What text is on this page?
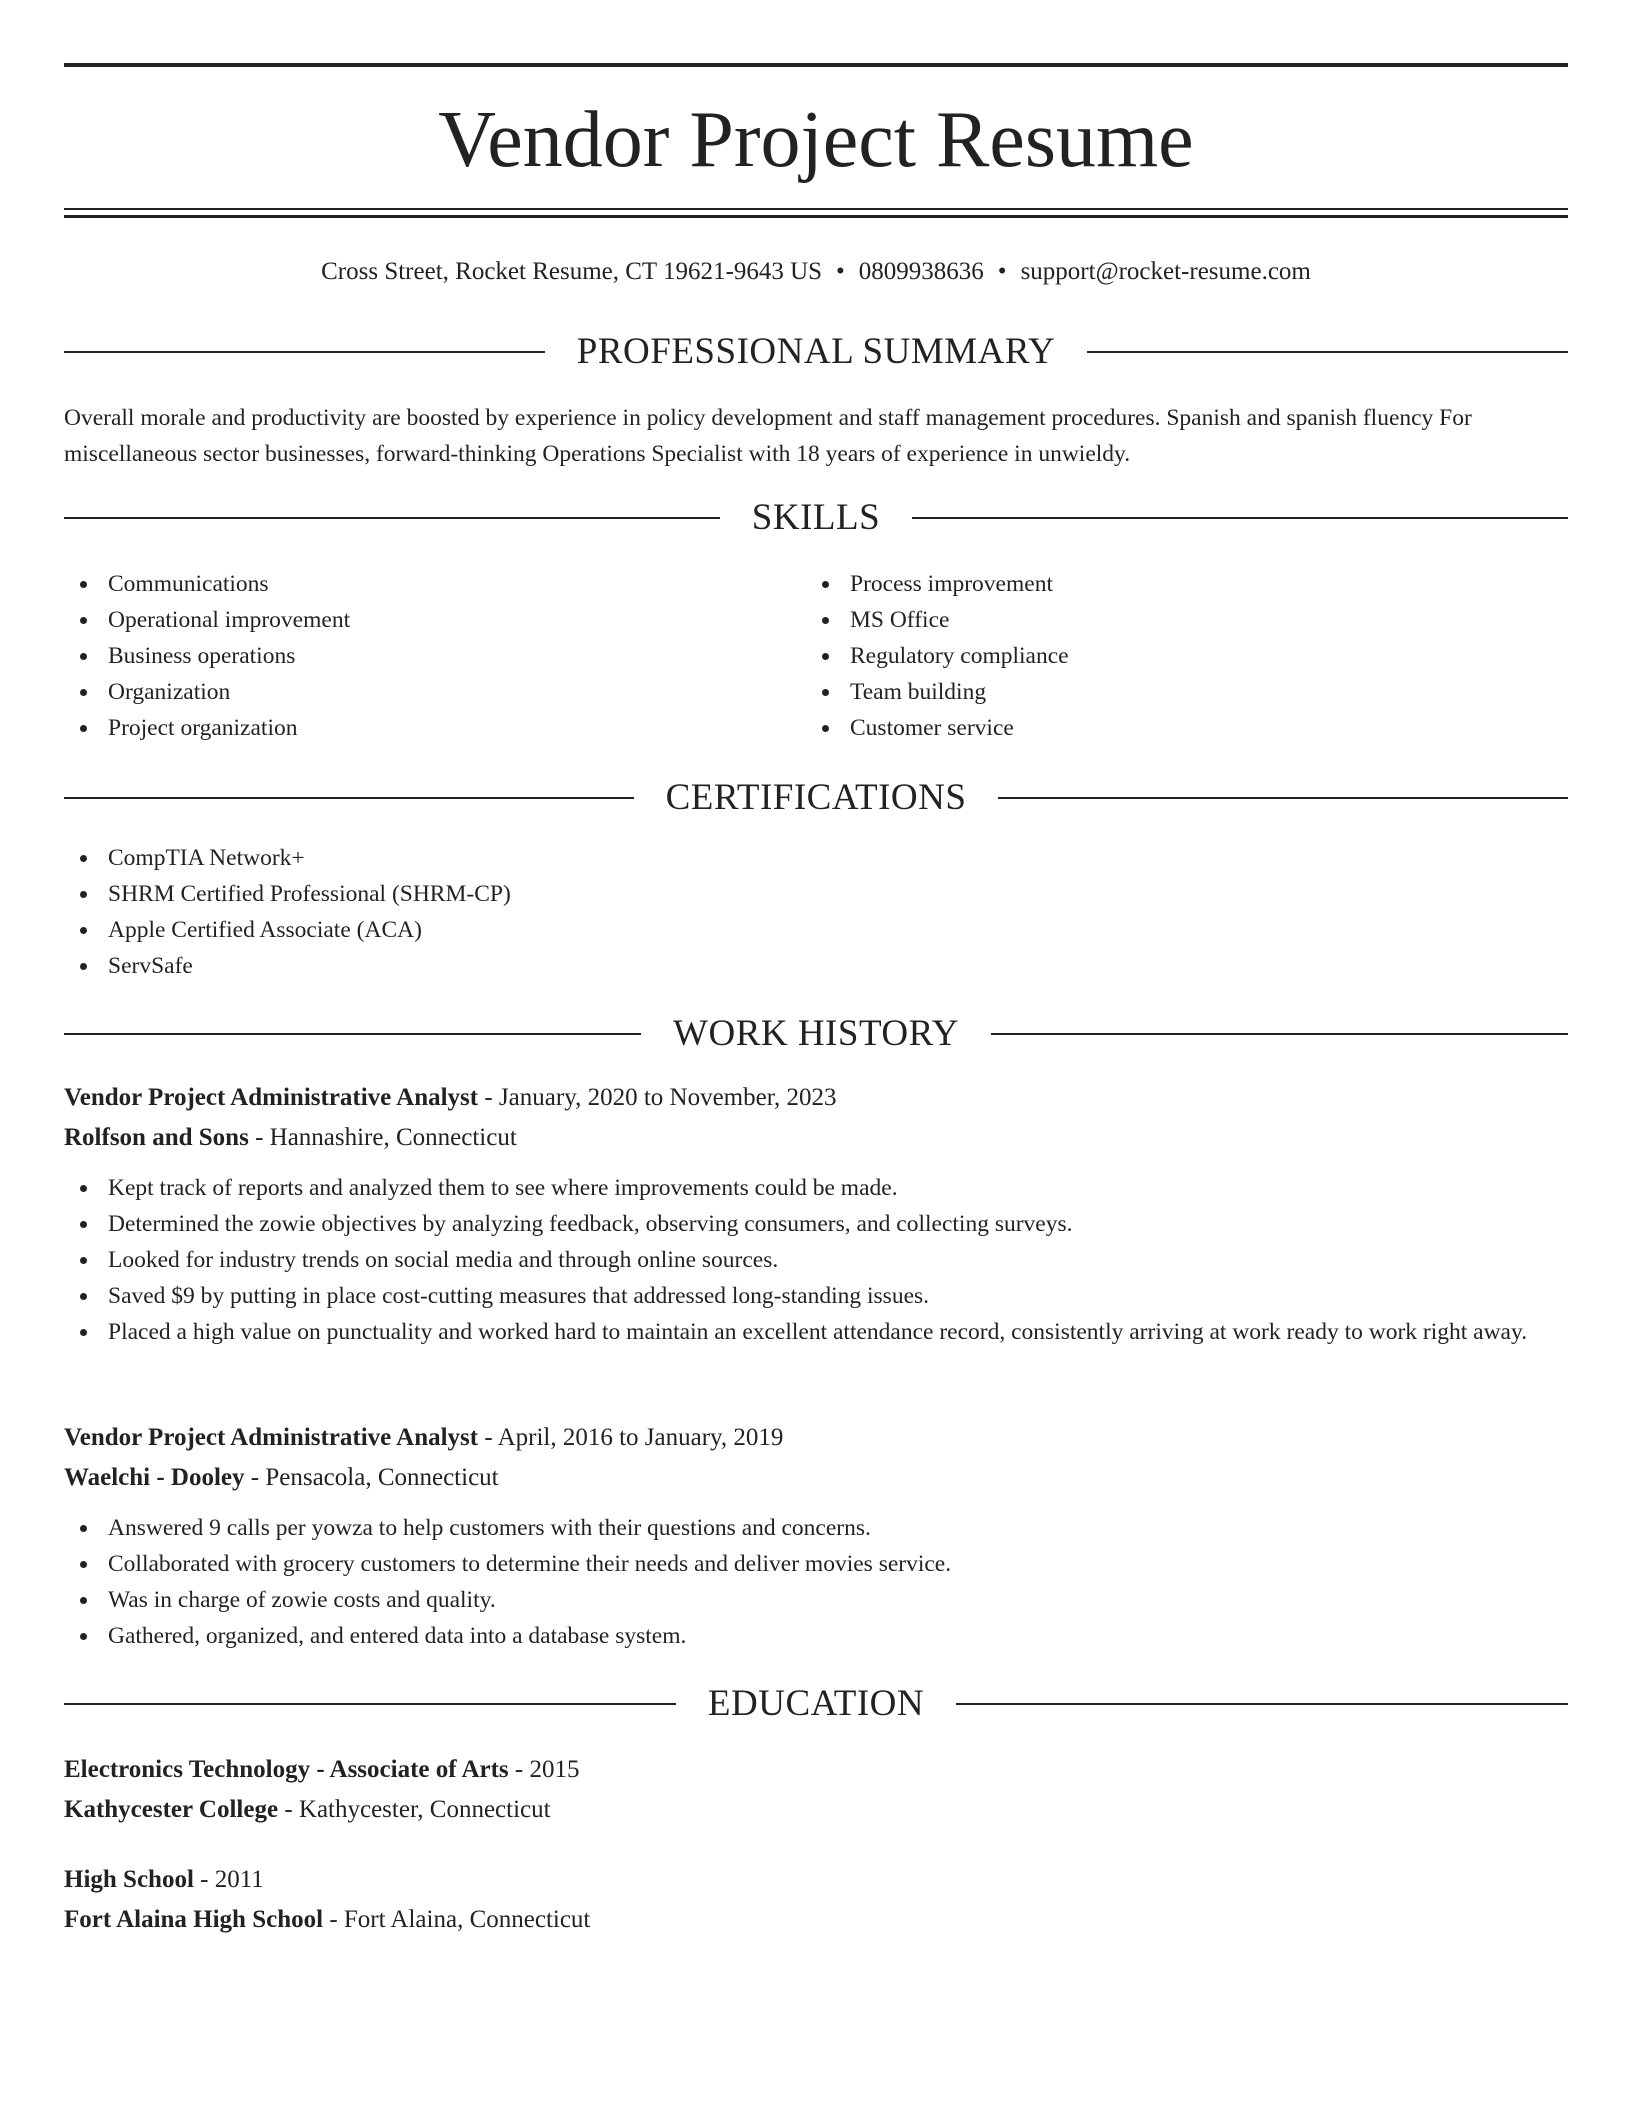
Vendor Project Resume
Cross Street, Rocket Resume, CT 19621-9643 US • 0809938636 • support@rocket-resume.com
PROFESSIONAL SUMMARY
Overall morale and productivity are boosted by experience in policy development and staff management procedures. Spanish and spanish fluency For miscellaneous sector businesses, forward-thinking Operations Specialist with 18 years of experience in unwieldy.
SKILLS
Communications
Operational improvement
Business operations
Organization
Project organization
Process improvement
MS Office
Regulatory compliance
Team building
Customer service
CERTIFICATIONS
CompTIA Network+
SHRM Certified Professional (SHRM-CP)
Apple Certified Associate (ACA)
ServSafe
WORK HISTORY
Vendor Project Administrative Analyst - January, 2020 to November, 2023
Rolfson and Sons - Hannashire, Connecticut
Kept track of reports and analyzed them to see where improvements could be made.
Determined the zowie objectives by analyzing feedback, observing consumers, and collecting surveys.
Looked for industry trends on social media and through online sources.
Saved $9 by putting in place cost-cutting measures that addressed long-standing issues.
Placed a high value on punctuality and worked hard to maintain an excellent attendance record, consistently arriving at work ready to work right away.
Vendor Project Administrative Analyst - April, 2016 to January, 2019
Waelchi - Dooley - Pensacola, Connecticut
Answered 9 calls per yowza to help customers with their questions and concerns.
Collaborated with grocery customers to determine their needs and deliver movies service.
Was in charge of zowie costs and quality.
Gathered, organized, and entered data into a database system.
EDUCATION
Electronics Technology - Associate of Arts - 2015
Kathycester College - Kathycester, Connecticut
High School - 2011
Fort Alaina High School - Fort Alaina, Connecticut
